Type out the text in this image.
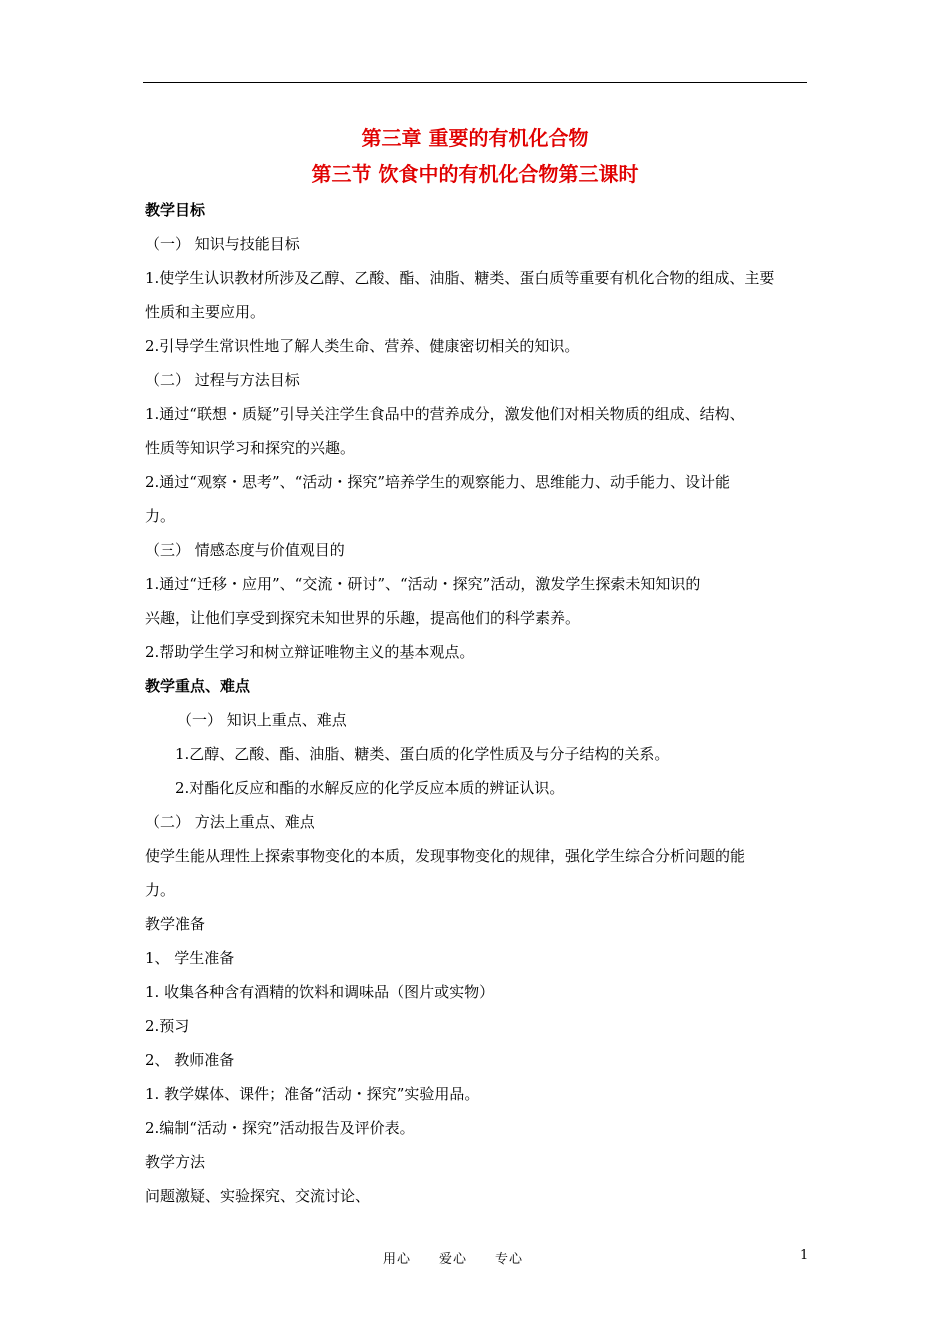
第三章 重要的有机化合物
第三节 饮食中的有机化合物第三课时
教学目标
（一） 知识与技能目标
1.使学生认识教材所涉及乙醇、乙酸、酯、油脂、糖类、蛋白质等重要有机化合物的组成、主要
性质和主要应用。
2.引导学生常识性地了解人类生命、营养、健康密切相关的知识。
（二） 过程与方法目标
1.通过“联想・质疑”引导关注学生食品中的营养成分，激发他们对相关物质的组成、结构、
性质等知识学习和探究的兴趣。
2.通过“观察・思考”、“活动・探究”培养学生的观察能力、思维能力、动手能力、设计能
力。
（三） 情感态度与价值观目的
1.通过“迁移・应用”、“交流・研讨”、“活动・探究”活动，激发学生探索未知知识的
兴趣，让他们享受到探究未知世界的乐趣，提高他们的科学素养。
2.帮助学生学习和树立辩证唯物主义的基本观点。
教学重点、难点
（一） 知识上重点、难点
1.乙醇、乙酸、酯、油脂、糖类、蛋白质的化学性质及与分子结构的关系。
2.对酯化反应和酯的水解反应的化学反应本质的辨证认识。
（二） 方法上重点、难点
使学生能从理性上探索事物变化的本质，发现事物变化的规律，强化学生综合分析问题的能
力。
教学准备
1、 学生准备
1. 收集各种含有酒精的饮料和调味品（图片或实物）
2.预习
2、 教师准备
1. 教学媒体、课件；准备“活动・探究”实验用品。
2.编制“活动・探究”活动报告及评价表。
教学方法
问题激疑、实验探究、交流讨论、
用心 爱心 专心	1
